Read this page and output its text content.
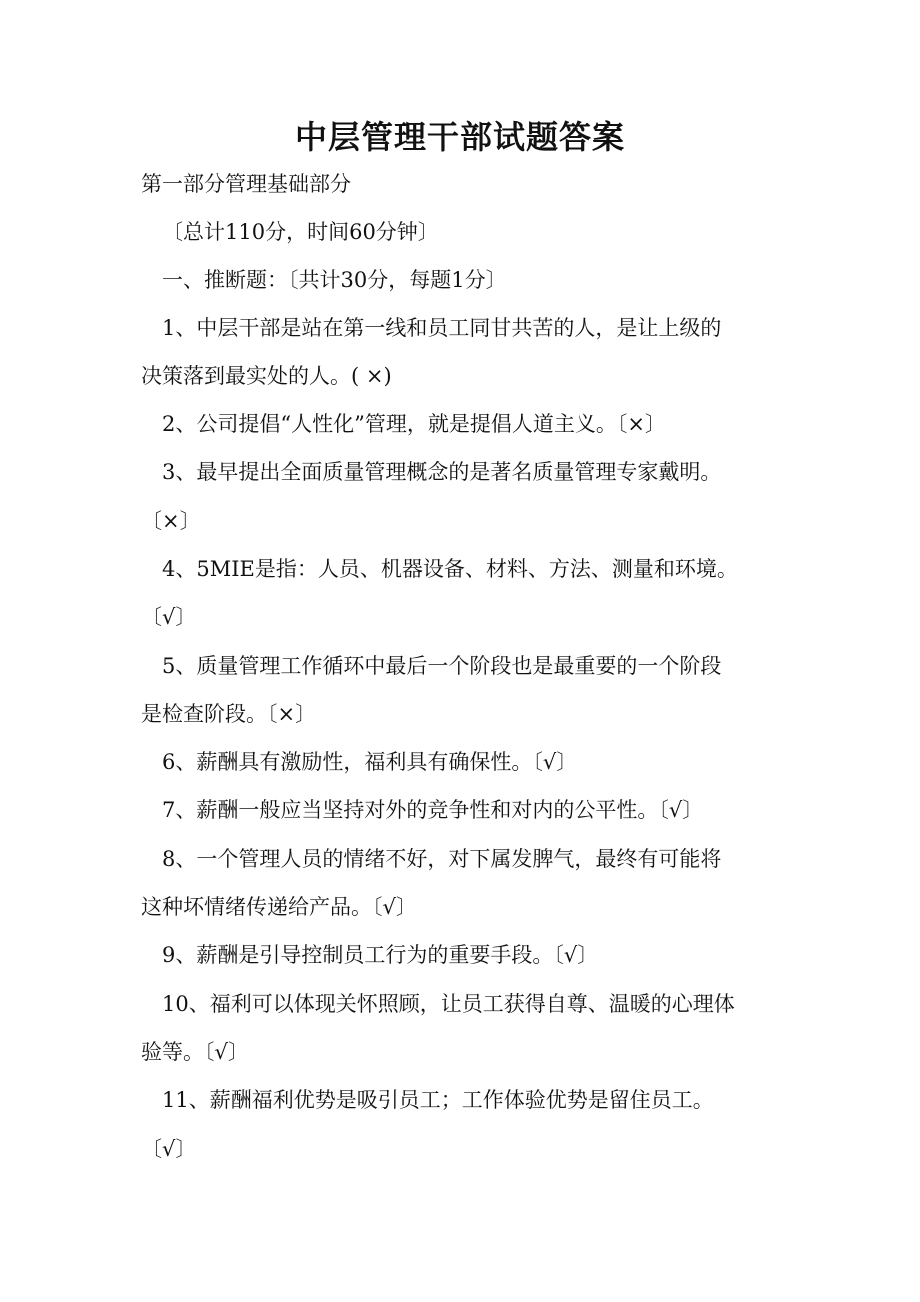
中层管理干部试题答案

第一部分管理基础部分

〔总计110分，时间60分钟〕

一、推断题：〔共计30分，每题1分〕

1、中层干部是站在第一线和员工同甘共苦的人，是让上级的

决策落到最实处的人。( ×)

2、公司提倡“人性化”管理，就是提倡人道主义。〔×〕

3、最早提出全面质量管理概念的是著名质量管理专家戴明。

〔×〕

4、5MIE是指：人员、机器设备、材料、方法、测量和环境。

〔√〕

5、质量管理工作循环中最后一个阶段也是最重要的一个阶段

是检查阶段。〔×〕

6、薪酬具有激励性，福利具有确保性。〔√〕

7、薪酬一般应当坚持对外的竞争性和对内的公平性。〔√〕

8、一个管理人员的情绪不好，对下属发脾气，最终有可能将

这种坏情绪传递给产品。〔√〕

9、薪酬是引导控制员工行为的重要手段。〔√〕

10、福利可以体现关怀照顾，让员工获得自尊、温暖的心理体

验等。〔√〕

11、薪酬福利优势是吸引员工；工作体验优势是留住员工。

〔√〕
